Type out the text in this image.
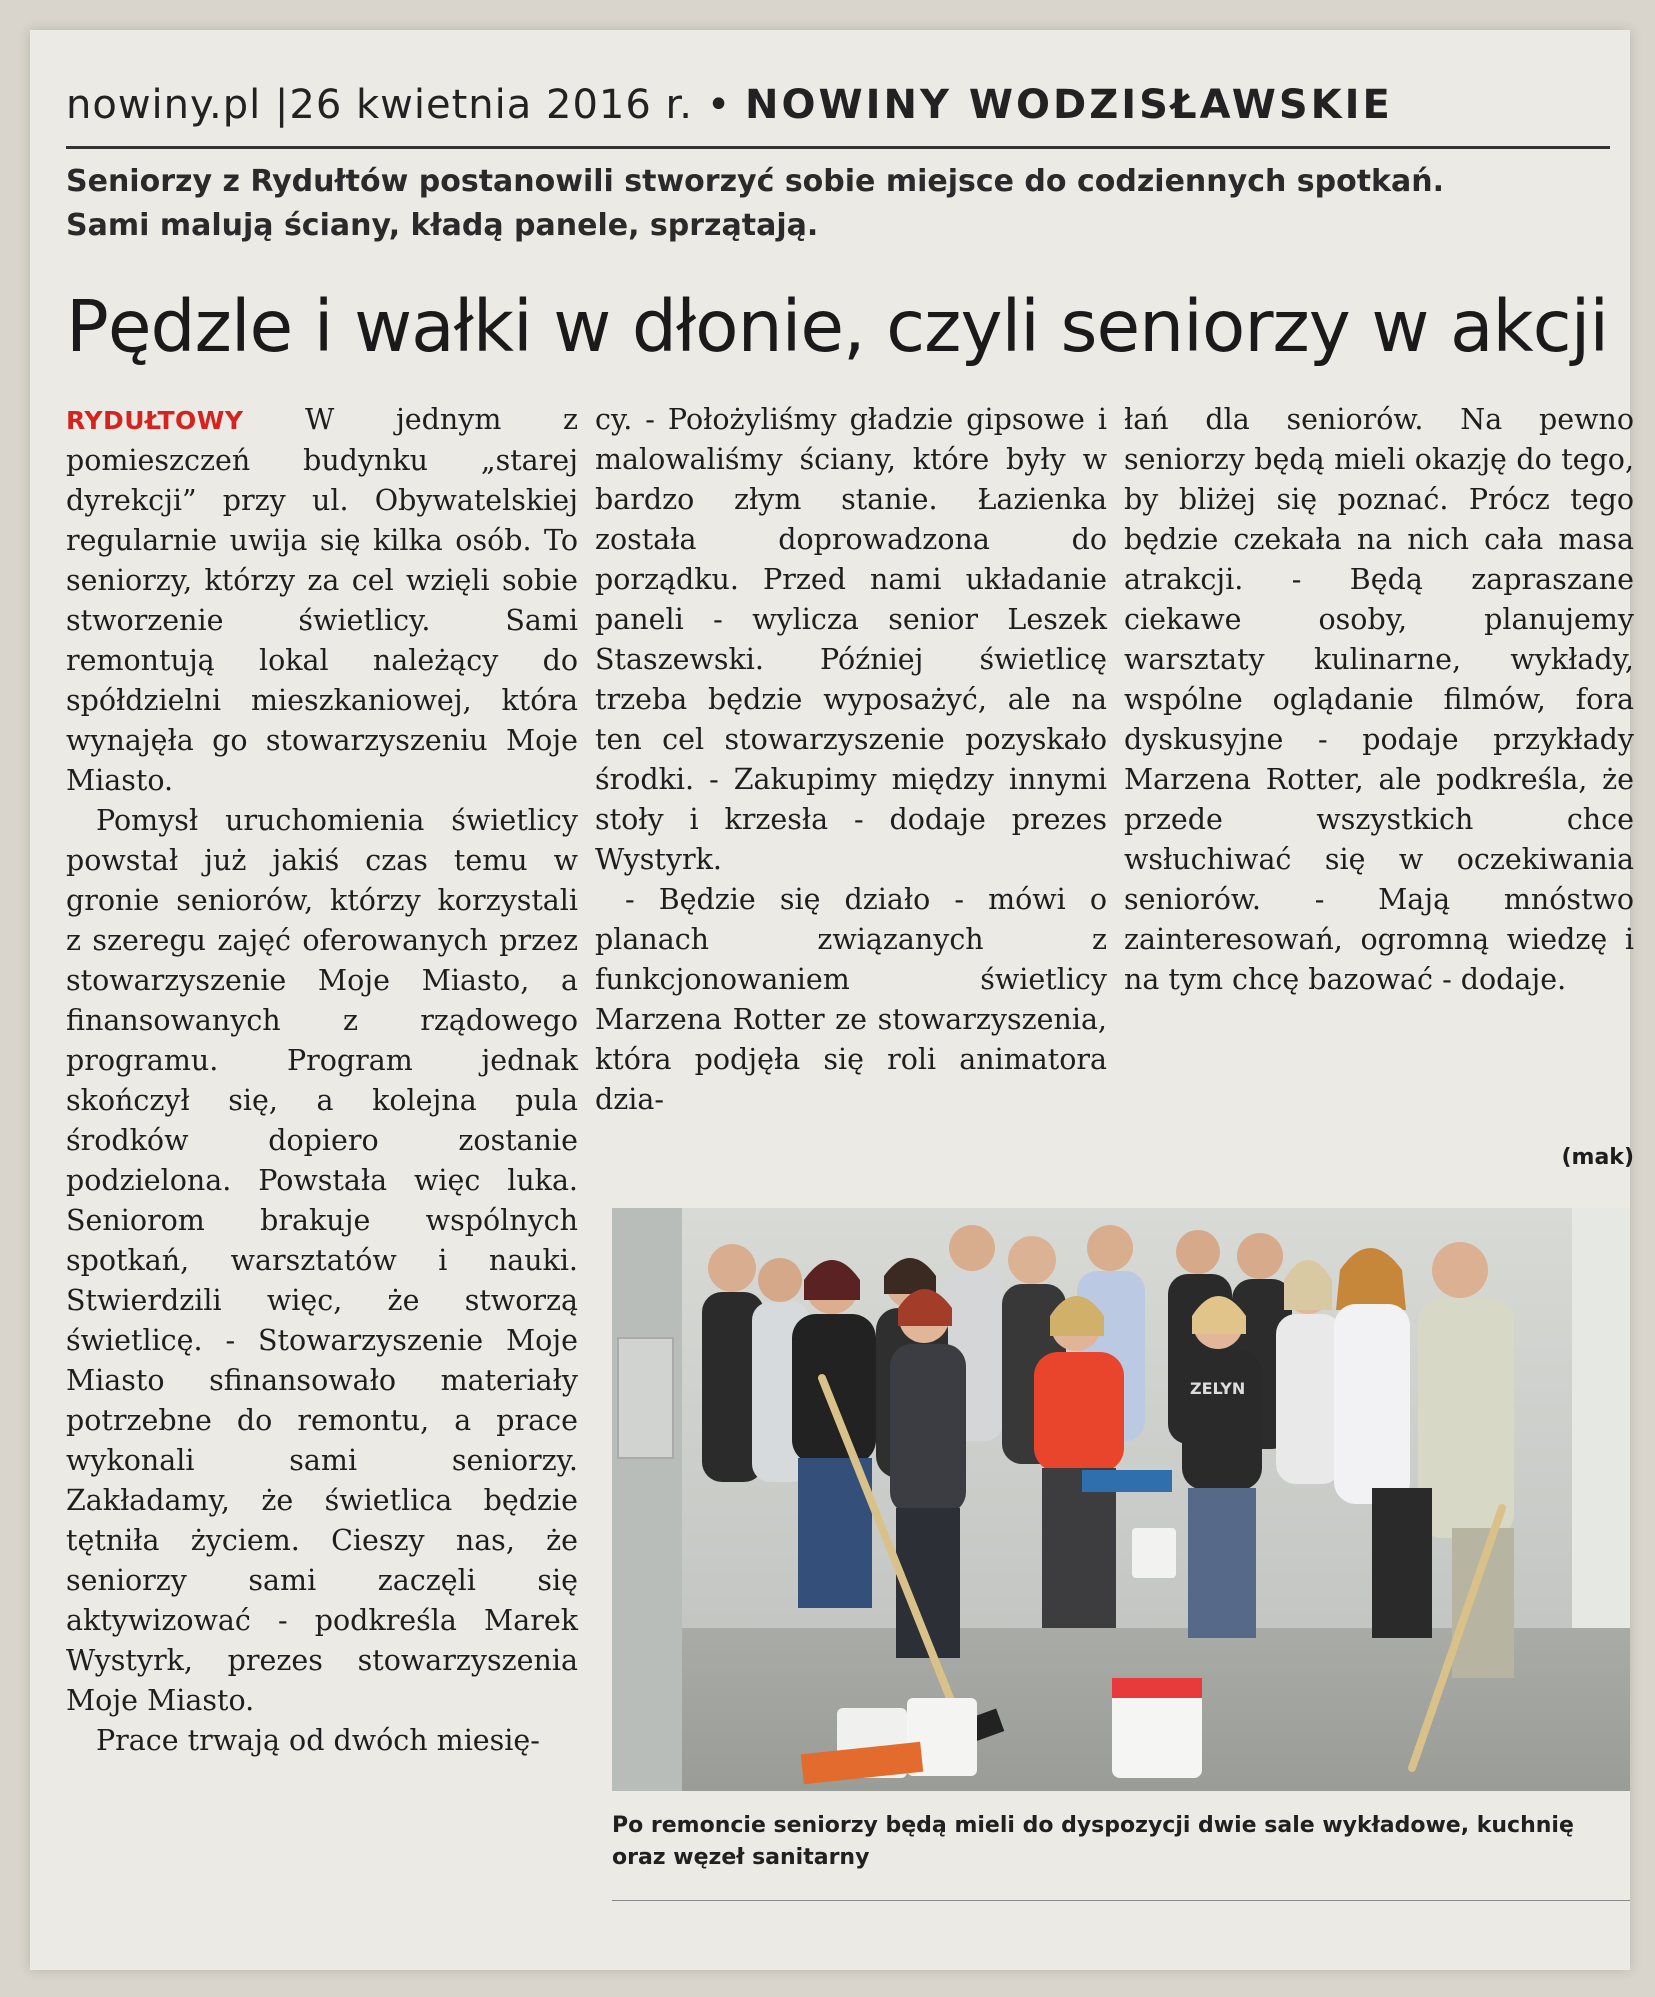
nowiny.pl |26 kwietnia 2016 r. • NOWINY WODZISŁAWSKIE
Seniorzy z Rydułtów postanowili stworzyć sobie miejsce do codziennych spotkań. Sami malują ściany, kładą panele, sprzątają.
Pędzle i wałki w dłonie, czyli seniorzy w akcji

RYDUŁTOWY W jednym z pomieszczeń budynku „starej dyrekcji” przy ul. Obywatelskiej regularnie uwija się kilka osób. To seniorzy, którzy za cel wzięli sobie stworzenie świetlicy. Sami remontują lokal należący do spółdzielni mieszkaniowej, która wynajęła go stowarzyszeniu Moje Miasto.

Pomysł uruchomienia świetlicy powstał już jakiś czas temu w gronie seniorów, którzy korzystali z szeregu zajęć oferowanych przez stowarzyszenie Moje Miasto, a finansowanych z rządowego programu. Program jednak skończył się, a kolejna pula środków dopiero zostanie podzielona. Powstała więc luka. Seniorom brakuje wspólnych spotkań, warsztatów i nauki. Stwierdzili więc, że stworzą świetlicę. - Stowarzyszenie Moje Miasto sfinansowało materiały potrzebne do remontu, a prace wykonali sami seniorzy. Zakładamy, że świetlica będzie tętniła życiem. Cieszy nas, że seniorzy sami zaczęli się aktywizować - podkreśla Marek Wystyrk, prezes stowarzyszenia Moje Miasto.

Prace trwają od dwóch miesię-

cy. - Położyliśmy gładzie gipsowe i malowaliśmy ściany, które były w bardzo złym stanie. Łazienka została doprowadzona do porządku. Przed nami układanie paneli - wylicza senior Leszek Staszewski. Później świetlicę trzeba będzie wyposażyć, ale na ten cel stowarzyszenie pozyskało środki. - Zakupimy między innymi stoły i krzesła - dodaje prezes Wystyrk.

- Będzie się działo - mówi o planach związanych z funkcjonowaniem świetlicy Marzena Rotter ze stowarzyszenia, która podjęła się roli animatora dzia-

łań dla seniorów. Na pewno seniorzy będą mieli okazję do tego, by bliżej się poznać. Prócz tego będzie czekała na nich cała masa atrakcji. - Będą zapraszane ciekawe osoby, planujemy warsztaty kulinarne, wykłady, wspólne oglądanie filmów, fora dyskusyjne - podaje przykłady Marzena Rotter, ale podkreśla, że przede wszystkich chce wsłuchiwać się w oczekiwania seniorów. - Mają mnóstwo zainteresowań, ogromną wiedzę i na tym chcę bazować - dodaje.

(mak)
ZELYN
Po remoncie seniorzy będą mieli do dyspozycji dwie sale wykładowe, kuchnię oraz węzeł sanitarny
